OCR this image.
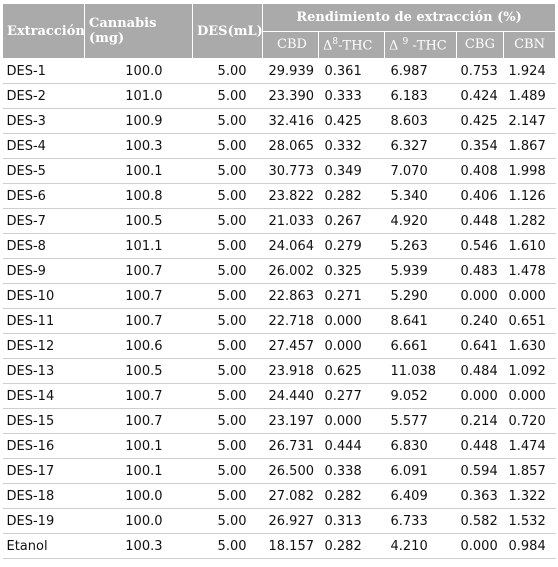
Extracción	Cannabis (mg)	DES(mL)	Rendimiento de extracción (%)				
			CBD	$\Delta^8$-THC	Δ $^9$ -THC	CBG	CBN
DES-1	100.0	5.00	29.939	0.361	6.987	0.753	1.924
DES-2	101.0	5.00	23.390	0.333	6.183	0.424	1.489
DES-3	100.9	5.00	32.416	0.425	8.603	0.425	2.147
DES-4	100.3	5.00	28.065	0.332	6.327	0.354	1.867
DES-5	100.1	5.00	30.773	0.349	7.070	0.408	1.998
DES-6	100.8	5.00	23.822	0.282	5.340	0.406	1.126
DES-7	100.5	5.00	21.033	0.267	4.920	0.448	1.282
DES-8	101.1	5.00	24.064	0.279	5.263	0.546	1.610
DES-9	100.7	5.00	26.002	0.325	5.939	0.483	1.478
DES-10	100.7	5.00	22.863	0.271	5.290	0.000	0.000
DES-11	100.7	5.00	22.718	0.000	8.641	0.240	0.651
DES-12	100.6	5.00	27.457	0.000	6.661	0.641	1.630
DES-13	100.5	5.00	23.918	0.625	11.038	0.484	1.092
DES-14	100.7	5.00	24.440	0.277	9.052	0.000	0.000
DES-15	100.7	5.00	23.197	0.000	5.577	0.214	0.720
DES-16	100.1	5.00	26.731	0.444	6.830	0.448	1.474
DES-17	100.1	5.00	26.500	0.338	6.091	0.594	1.857
DES-18	100.0	5.00	27.082	0.282	6.409	0.363	1.322
DES-19	100.0	5.00	26.927	0.313	6.733	0.582	1.532
Etanol	100.3	5.00	18.157	0.282	4.210	0.000	0.984
